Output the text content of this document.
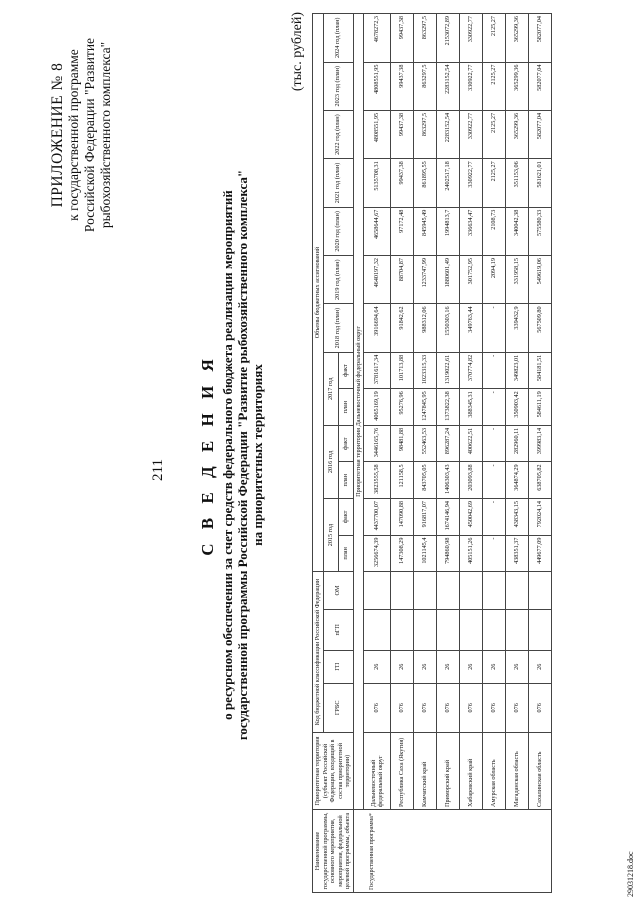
211
ПРИЛОЖЕНИЕ № 8 к государственной программе Российской Федерации "Развитие рыбохозяйственного комплекса"
С В Е Д Е Н И Я о ресурсном обеспечении за счет средств федерального бюджета реализации мероприятий государственной программы Российской Федерации "Развитие рыбохозяйственного комплекса" на приоритетных территориях
(тыс. рублей)
Наименование государственной программы, основного мероприятия, мероприятия, федеральной целевой программы, объекта	Приоритетная территория (субъект Российской Федерации, входящий в состав приоритетной территории)	Код бюджетной классификации Российской Федерации				Объемы бюджетных ассигнований												
		ГРБС	ГП	пГП	ОМ	2015 год		2016 год		2017 год		2018 год (план)	2019 год (план)	2020 год (план)	2021 год (план)	2022 год (план)	2023 год (план)	2024 год (план)
						план	факт	план	факт	план	факт							

Государственная программа*	Приоритетная территория Дальневосточный федеральный округ																	
	Дальневосточный федеральный округ	076	26			3256674,39	4437700,07	3823555,58	3446165,76	4065169,19	3781617,34	3916694,64	4640197,32	4658644,67	5135708,31	4808551,95	4808551,95	4678272,3
	Республика Саха (Якутия)	076	26			147308,29	147090,88	121158,5	98481,88	95276,96	101713,88	91842,62	88704,87	97172,48	99437,38	99437,38	99437,38	99437,38
	Камчатский край	076	26			1021145,4	916817,07	843705,05	552463,53	1247845,95	1023315,33	988312,06	1233747,99	845945,49	861895,55	863297,5	863297,5	863297,5
	Приморский край	076	26			794860,98	1674146,94	1406303,43	896287,24	1373822,38	1319022,61	1550303,16	1880601,49	1994813,7	2402517,18	2283152,54	2283152,54	2153072,89
	Хабаровский край	076	26			405151,26	450042,69	203093,88	400622,51	388345,31	370774,82	349763,44	301752,95	336634,47	330922,77	330922,77	330922,77	330922,77
	Амурская область	076	26			-	-	-	-	-	-	-	2094,19	2108,73	2125,27	2125,27	2125,27	2125,27
	Магаданская область	076	26			438351,37	438343,15	364874,29	282960,11	350903,42	349823,01	339432,9	331958,15	340042,38	351153,06	365299,36	365299,36	365299,36
	Сахалинская область	076	26			449677,09	792024,14	638705,82	399983,14	584611,19	584181,51	567509,80	549619,06	575580,33	581621,01	582077,04	582077,04	582077,04
29031218.doc
